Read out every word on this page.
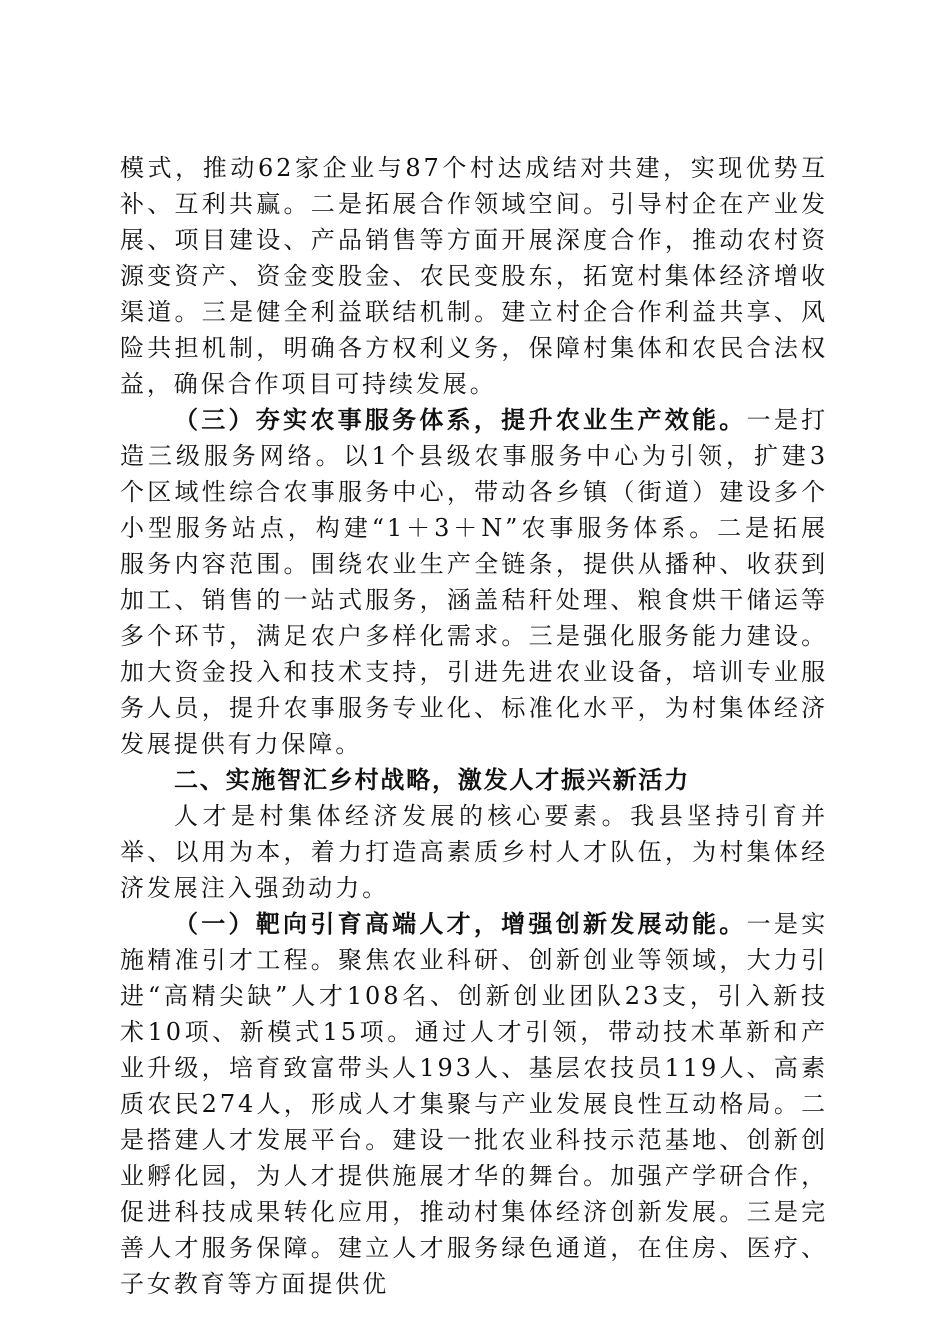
模式，推动62家企业与87个村达成结对共建，实现优势互补、互利共赢。二是拓展合作领域空间。引导村企在产业发展、项目建设、产品销售等方面开展深度合作，推动农村资源变资产、资金变股金、农民变股东，拓宽村集体经济增收渠道。三是健全利益联结机制。建立村企合作利益共享、风险共担机制，明确各方权利义务，保障村集体和农民合法权益，确保合作项目可持续发展。

（三）夯实农事服务体系，提升农业生产效能。一是打造三级服务网络。以1个县级农事服务中心为引领，扩建3个区域性综合农事服务中心，带动各乡镇（街道）建设多个小型服务站点，构建“1＋3＋N”农事服务体系。二是拓展服务内容范围。围绕农业生产全链条，提供从播种、收获到加工、销售的一站式服务，涵盖秸秆处理、粮食烘干储运等多个环节，满足农户多样化需求。三是强化服务能力建设。加大资金投入和技术支持，引进先进农业设备，培训专业服务人员，提升农事服务专业化、标准化水平，为村集体经济发展提供有力保障。

二、实施智汇乡村战略，激发人才振兴新活力

人才是村集体经济发展的核心要素。我县坚持引育并举、以用为本，着力打造高素质乡村人才队伍，为村集体经济发展注入强劲动力。

（一）靶向引育高端人才，增强创新发展动能。一是实施精准引才工程。聚焦农业科研、创新创业等领域，大力引进“高精尖缺”人才108名、创新创业团队23支，引入新技术10项、新模式15项。通过人才引领，带动技术革新和产业升级，培育致富带头人193人、基层农技员119人、高素质农民274人，形成人才集聚与产业发展良性互动格局。二是搭建人才发展平台。建设一批农业科技示范基地、创新创业孵化园，为人才提供施展才华的舞台。加强产学研合作，促进科技成果转化应用，推动村集体经济创新发展。三是完善人才服务保障。建立人才服务绿色通道，在住房、医疗、子女教育等方面提供优
